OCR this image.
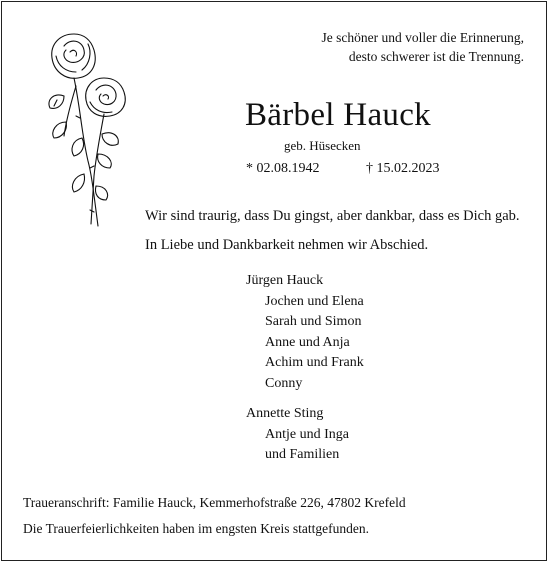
Je schöner und voller die Erinnerung,
desto schwerer ist die Trennung.
Bärbel Hauck
geb. Hüsecken
* 02.08.1942	† 15.02.2023
Wir sind traurig, dass Du gingst, aber dankbar, dass es Dich gab.
In Liebe und Dankbarkeit nehmen wir Abschied.
Jürgen Hauck
Jochen und Elena
Sarah und Simon
Anne und Anja
Achim und Frank
Conny
Annette Sting
Antje und Inga
und Familien
Traueranschrift: Familie Hauck, Kemmerhofstraße 226, 47802 Krefeld
Die Trauerfeierlichkeiten haben im engsten Kreis stattgefunden.
